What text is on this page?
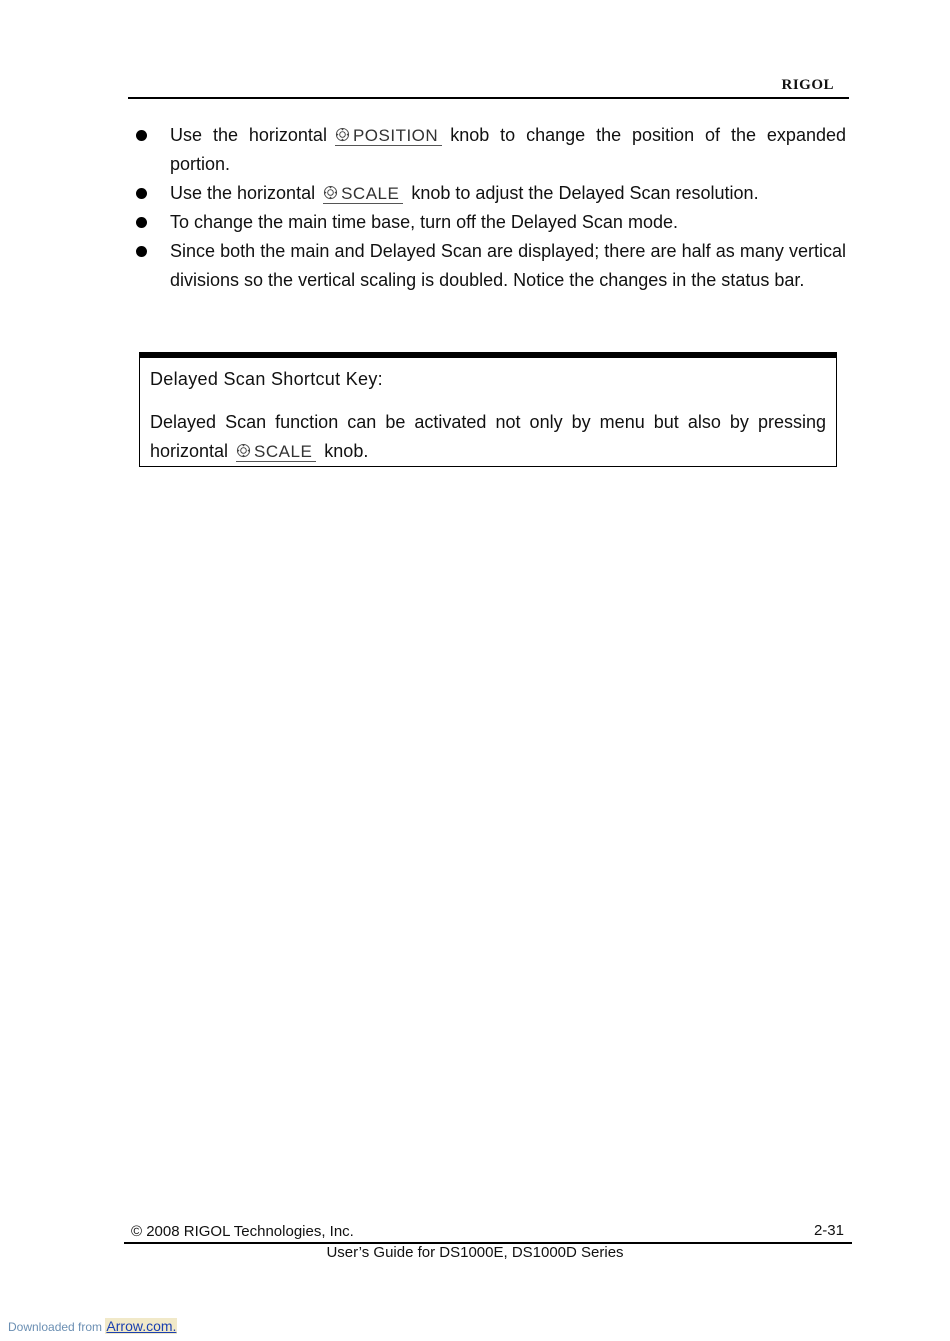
RIGOL
Use the horizontal POSITION knob to change the position of the expanded portion.
Use the horizontal SCALE knob to adjust the Delayed Scan resolution.
To change the main time base, turn off the Delayed Scan mode.
Since both the main and Delayed Scan are displayed; there are half as many vertical divisions so the vertical scaling is doubled. Notice the changes in the status bar.
Delayed Scan Shortcut Key:
Delayed Scan function can be activated not only by menu but also by pressing horizontal SCALE knob.
© 2008 RIGOL Technologies, Inc.	2-31
User’s Guide for DS1000E, DS1000D Series
Downloaded from Arrow.com.
